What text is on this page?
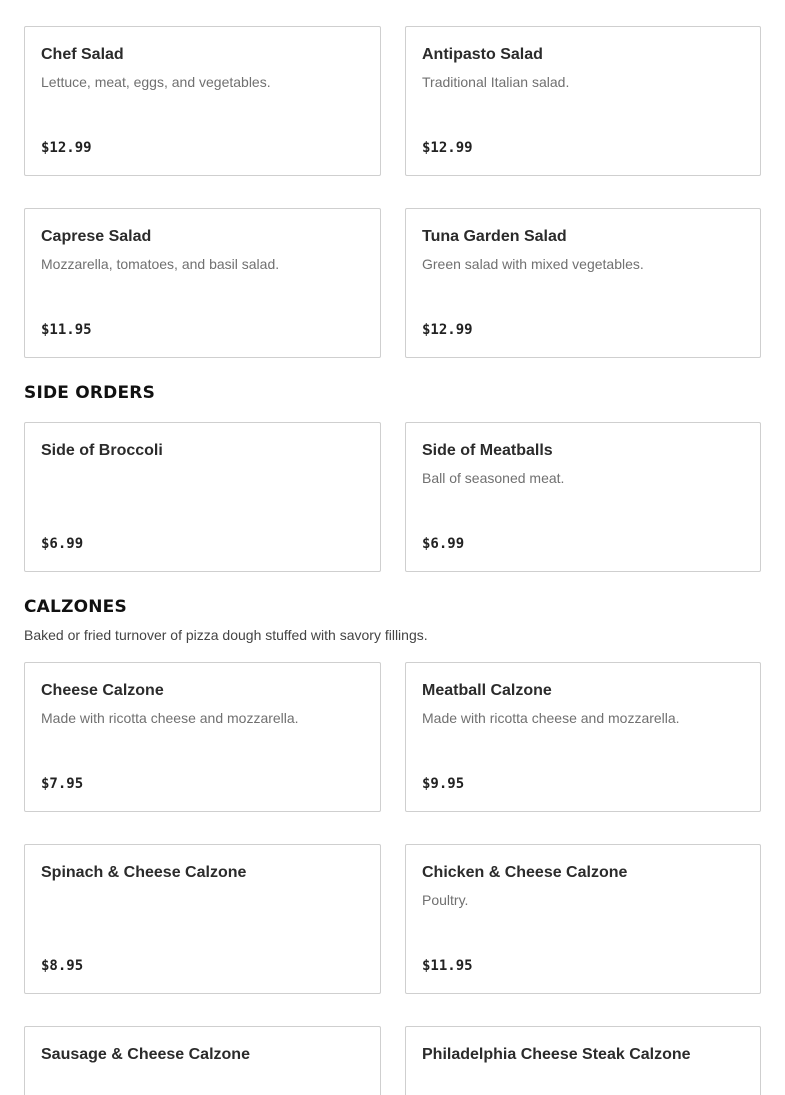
Chef Salad
Lettuce, meat, eggs, and vegetables.
$12.99
Antipasto Salad
Traditional Italian salad.
$12.99
Caprese Salad
Mozzarella, tomatoes, and basil salad.
$11.95
Tuna Garden Salad
Green salad with mixed vegetables.
$12.99
SIDE ORDERS
Side of Broccoli
$6.99
Side of Meatballs
Ball of seasoned meat.
$6.99
CALZONES

Baked or fried turnover of pizza dough stuffed with savory fillings.

Cheese Calzone
Made with ricotta cheese and mozzarella.
$7.95
Meatball Calzone
Made with ricotta cheese and mozzarella.
$9.95
Spinach & Cheese Calzone
$8.95
Chicken & Cheese Calzone
Poultry.
$11.95
Sausage & Cheese Calzone	Philadelphia Cheese Steak Calzone
